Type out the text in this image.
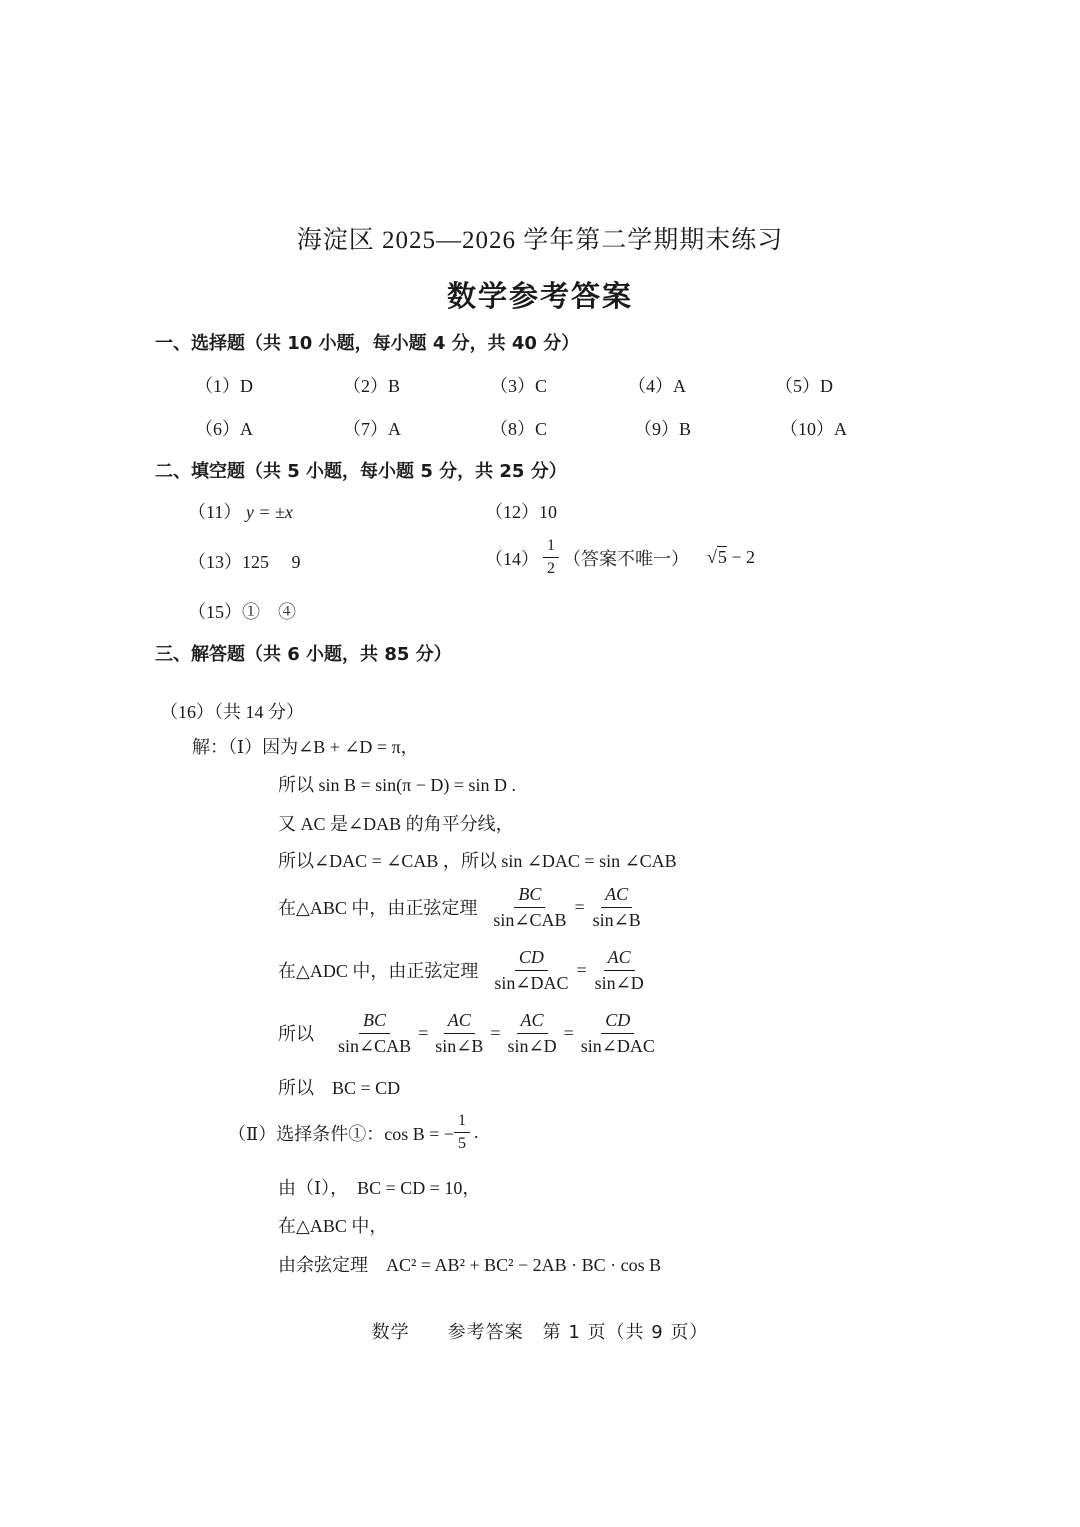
海淀区 2025—2026 学年第二学期期末练习
数学参考答案
一、选择题（共 10 小题，每小题 4 分，共 40 分）
（1）D	（2）B	（3）C	（4）A	（5）D
（6）A	（7）A	（8）C	（9）B	（10）A
二、填空题（共 5 小题，每小题 5 分，共 25 分）
（11） y = ±x	（12）10
（13）125　 9	$(14) \frac{1}{2}$ （答案不唯一） √5 − 2
（15）①　④
三、解答题（共 6 小题，共 85 分）
（16）（共 14 分）
解：（Ⅰ）因为∠B + ∠D = π，
所以 sin B = sin(π − D) = sin D .
又 AC 是∠DAB 的角平分线，
所以∠DAC = ∠CAB ，所以 sin ∠DAC = sin ∠CAB
在△ABC 中，由正弦定理 $\frac{BC}{\text{sin∠CAB}} = \frac{AC}{\sin\angle B}$
在△ADC 中，由正弦定理 $\frac{CD}{\text{sin∠DAC}} = \frac{AC}{\sin\angle D}$
所以 $\frac{BC}{\text{sin∠CAB}} = \frac{AC}{\sin\angle B} = \frac{AC}{\sin\angle D} = \frac{CD}{\text{sin∠DAC}}$
所以　BC = CD
（Ⅱ）选择条件①：cos B = − $\frac{1}{5}$ .
由（Ⅰ），　BC = CD = 10，
在△ABC 中，
由余弦定理　AC² = AB² + BC² − 2AB · BC · cos B
数学　　参考答案　第 1 页（共 9 页）
